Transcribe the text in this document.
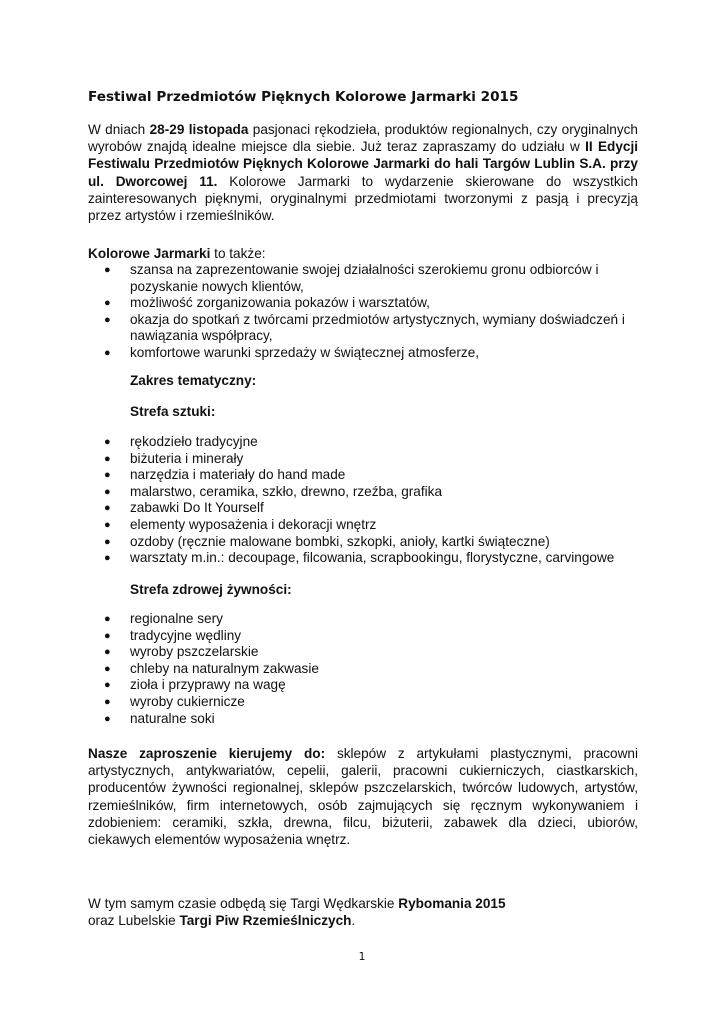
Festiwal Przedmiotów Pięknych Kolorowe Jarmarki 2015

W dniach 28-29 listopada pasjonaci rękodzieła, produktów regionalnych, czy oryginalnych wyrobów znajdą idealne miejsce dla siebie. Już teraz zapraszamy do udziału w II Edycji Festiwalu Przedmiotów Pięknych Kolorowe Jarmarki do hali Targów Lublin S.A. przy ul. Dworcowej 11. Kolorowe Jarmarki to wydarzenie skierowane do wszystkich zainteresowanych pięknymi, oryginalnymi przedmiotami tworzonymi z pasją i precyzją przez artystów i rzemieślników.

Kolorowe Jarmarki to także:

● szansa na zaprezentowanie swojej działalności szerokiemu gronu odbiorców i pozyskanie nowych klientów,
● możliwość zorganizowania pokazów i warsztatów,
● okazja do spotkań z twórcami przedmiotów artystycznych, wymiany doświadczeń i nawiązania współpracy,
● komfortowe warunki sprzedaży w świątecznej atmosferze,

Zakres tematyczny:

Strefa sztuki:

● rękodzieło tradycyjne
● biżuteria i minerały
● narzędzia i materiały do hand made
● malarstwo, ceramika, szkło, drewno, rzeźba, grafika
● zabawki Do It Yourself
● elementy wyposażenia i dekoracji wnętrz
● ozdoby (ręcznie malowane bombki, szkopki, anioły, kartki świąteczne)
● warsztaty m.in.: decoupage, filcowania, scrapbookingu, florystyczne, carvingowe

Strefa zdrowej żywności:

● regionalne sery
● tradycyjne wędliny
● wyroby pszczelarskie
● chleby na naturalnym zakwasie
● zioła i przyprawy na wagę
● wyroby cukiernicze
● naturalne soki

Nasze zaproszenie kierujemy do: sklepów z artykułami plastycznymi, pracowni artystycznych, antykwariatów, cepelii, galerii, pracowni cukierniczych, ciastkarskich, producentów żywności regionalnej, sklepów pszczelarskich, twórców ludowych, artystów, rzemieślników, firm internetowych, osób zajmujących się ręcznym wykonywaniem i zdobieniem: ceramiki, szkła, drewna, filcu, biżuterii, zabawek dla dzieci, ubiorów, ciekawych elementów wyposażenia wnętrz.

W tym samym czasie odbędą się Targi Wędkarskie Rybomania 2015
oraz Lubelskie Targi Piw Rzemieślniczych.

1
